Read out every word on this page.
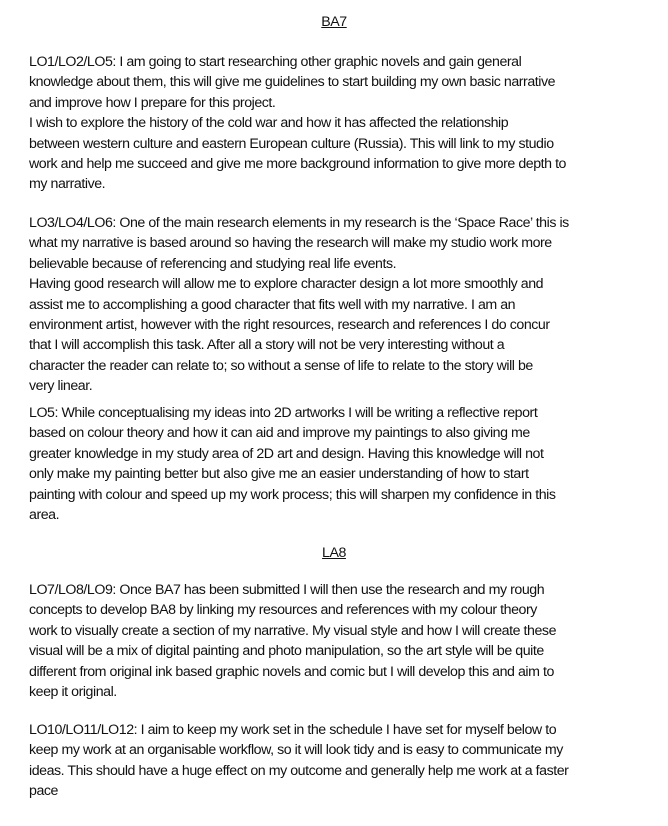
BA7
LO1/LO2/LO5: I am going to start researching other graphic novels and gain general
knowledge about them, this will give me guidelines to start building my own basic narrative
and improve how I prepare for this project.
I wish to explore the history of the cold war and how it has affected the relationship
between western culture and eastern European culture (Russia). This will link to my studio
work and help me succeed and give me more background information to give more depth to
my narrative.
LO3/LO4/LO6: One of the main research elements in my research is the ‘Space Race’ this is
what my narrative is based around so having the research will make my studio work more
believable because of referencing and studying real life events.
Having good research will allow me to explore character design a lot more smoothly and
assist me to accomplishing a good character that fits well with my narrative. I am an
environment artist, however with the right resources, research and references I do concur
that I will accomplish this task. After all a story will not be very interesting without a
character the reader can relate to; so without a sense of life to relate to the story will be
very linear.
LO5: While conceptualising my ideas into 2D artworks I will be writing a reflective report
based on colour theory and how it can aid and improve my paintings to also giving me
greater knowledge in my study area of 2D art and design. Having this knowledge will not
only make my painting better but also give me an easier understanding of how to start
painting with colour and speed up my work process; this will sharpen my confidence in this
area.
LA8
LO7/LO8/LO9: Once BA7 has been submitted I will then use the research and my rough
concepts to develop BA8 by linking my resources and references with my colour theory
work to visually create a section of my narrative. My visual style and how I will create these
visual will be a mix of digital painting and photo manipulation, so the art style will be quite
different from original ink based graphic novels and comic but I will develop this and aim to
keep it original.
LO10/LO11/LO12: I aim to keep my work set in the schedule I have set for myself below to
keep my work at an organisable workflow, so it will look tidy and is easy to communicate my
ideas. This should have a huge effect on my outcome and generally help me work at a faster
pace
